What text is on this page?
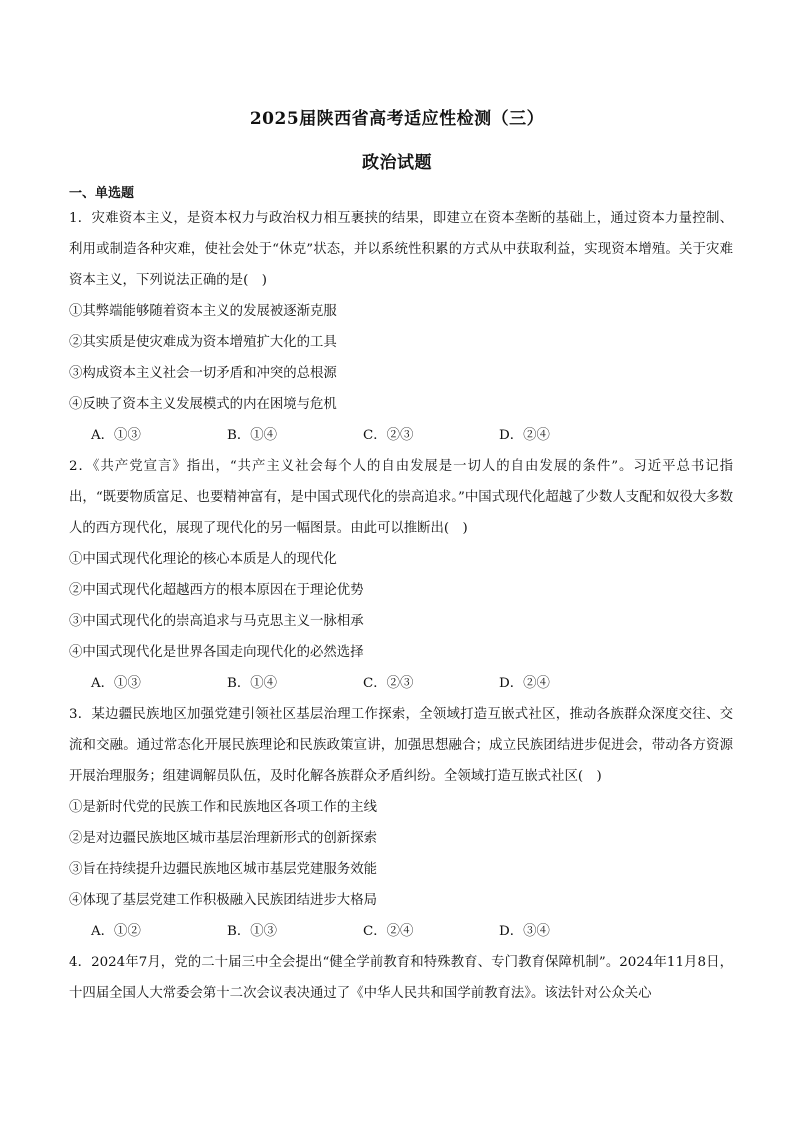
2025届陕西省高考适应性检测（三）
政治试题
一、单选题

1．灾难资本主义，是资本权力与政治权力相互裹挟的结果，即建立在资本垄断的基础上，通过资本力量控制、利用或制造各种灾难，使社会处于“休克”状态，并以系统性积累的方式从中获取利益，实现资本增殖。关于灾难资本主义，下列说法正确的是(　)

①其弊端能够随着资本主义的发展被逐渐克服

②其实质是使灾难成为资本增殖扩大化的工具

③构成资本主义社会一切矛盾和冲突的总根源

④反映了资本主义发展模式的内在困境与危机

A．①③	B．①④	C．②③	D．②④

2．《共产党宣言》指出，“共产主义社会每个人的自由发展是一切人的自由发展的条件”。习近平总书记指出，“既要物质富足、也要精神富有，是中国式现代化的崇高追求。”中国式现代化超越了少数人支配和奴役大多数人的西方现代化，展现了现代化的另一幅图景。由此可以推断出(　)

①中国式现代化理论的核心本质是人的现代化

②中国式现代化超越西方的根本原因在于理论优势

③中国式现代化的崇高追求与马克思主义一脉相承

④中国式现代化是世界各国走向现代化的必然选择

A．①③	B．①④	C．②③	D．②④

3．某边疆民族地区加强党建引领社区基层治理工作探索，全领域打造互嵌式社区，推动各族群众深度交往、交流和交融。通过常态化开展民族理论和民族政策宣讲，加强思想融合；成立民族团结进步促进会，带动各方资源开展治理服务；组建调解员队伍，及时化解各族群众矛盾纠纷。全领域打造互嵌式社区(　)

①是新时代党的民族工作和民族地区各项工作的主线

②是对边疆民族地区城市基层治理新形式的创新探索

③旨在持续提升边疆民族地区城市基层党建服务效能

④体现了基层党建工作积极融入民族团结进步大格局

A．①②	B．①③	C．②④	D．③④

4．2024年7月，党的二十届三中全会提出“健全学前教育和特殊教育、专门教育保障机制”。2024年11月8日，十四届全国人大常委会第十二次会议表决通过了《中华人民共和国学前教育法》。该法针对公众关心
